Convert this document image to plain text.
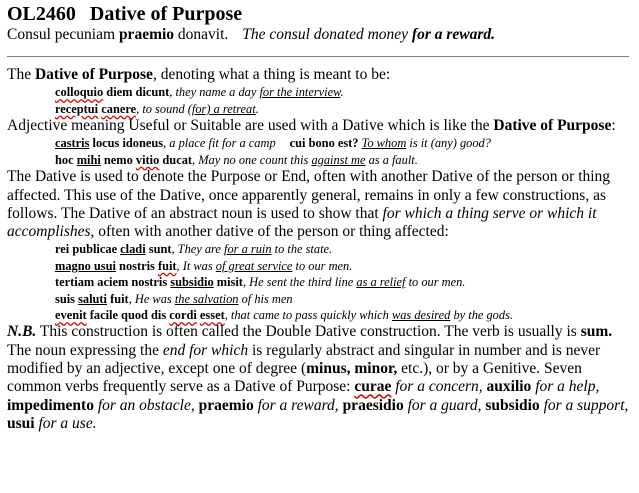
OL2460 Dative of Purpose
Consul pecuniam praemio donavit. The consul donated money for a reward.

The Dative of Purpose, denoting what a thing is meant to be:

colloquio diem dicunt, they name a day for the interview.
receptui canere, to sound (for) a retreat.

Adjective meaning Useful or Suitable are used with a Dative which is like the Dative of Purpose:

castris locus idoneus, a place fit for a camp cui bono est? To whom is it (any) good?
hoc mihi nemo vitio ducat, May no one count this against me as a fault.

The Dative is used to denote the Purpose or End, often with another Dative of the person or thing affected. This use of the Dative, once apparently general, remains in only a few constructions, as follows. The Dative of an abstract noun is used to show that for which a thing serve or which it accomplishes, often with another dative of the person or thing affected:

rei publicae cladi sunt, They are for a ruin to the state.
magno usui nostris fuit, It was of great service to our men.
tertiam aciem nostris subsidio misit, He sent the third line as a relief to our men.
suis saluti fuit, He was the salvation of his men
evenit facile quod dis cordi esset, that came to pass quickly which was desired by the gods.

N.B. This construction is often called the Double Dative construction. The verb is usually is sum. The noun expressing the end for which is regularly abstract and singular in number and is never modified by an adjective, except one of degree (minus, minor, etc.), or by a Genitive. Seven common verbs frequently serve as a Dative of Purpose: curae for a concern, auxilio for a help, impedimento for an obstacle, praemio for a reward, praesidio for a guard, subsidio for a support, usui for a use.
